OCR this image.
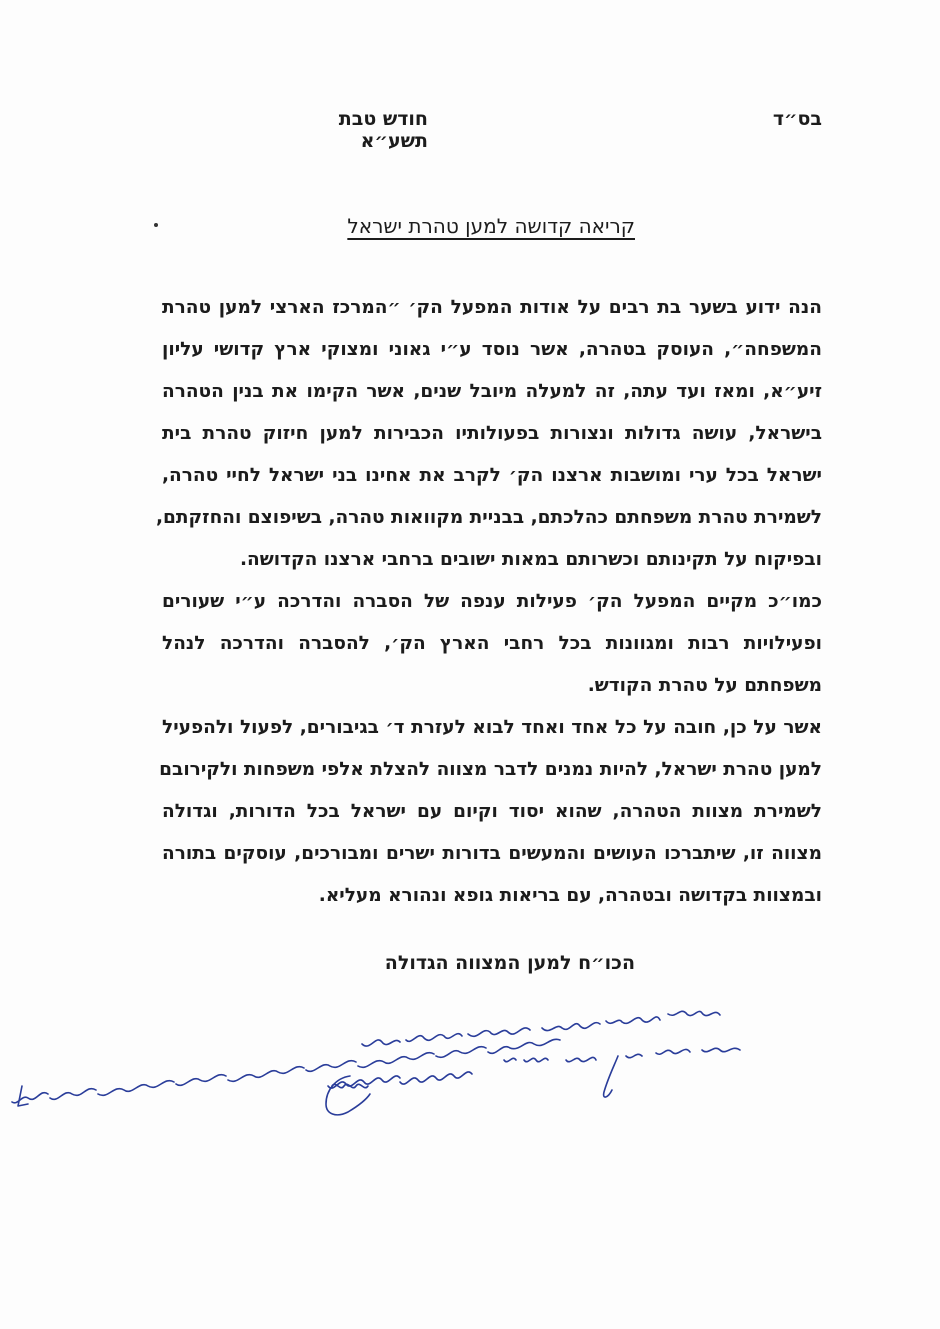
בס״ד
חודש טבת תשע״א
קריאה קדושה למען טהרת ישראל
הנה ידוע בשער בת רבים על אודות המפעל הק׳ ״המרכז הארצי למען טהרת
המשפחה״, העוסק בטהרה, אשר נוסד ע״י גאוני ומצוקי ארץ קדושי עליון
זיע״א, ומאז ועד עתה, זה למעלה מיובל שנים, אשר הקימו את בנין הטהרה
בישראל, עושה גדולות ונצורות בפעולותיו הכבירות למען חיזוק טהרת בית
ישראל בכל ערי ומושבות ארצנו הק׳ לקרב את אחינו בני ישראל לחיי טהרה,
לשמירת טהרת משפחתם כהלכתם, בבניית מקוואות טהרה, בשיפוצם והחזקתם,
ובפיקוח על תקינותם וכשרותם במאות ישובים ברחבי ארצנו הקדושה.
כמו״כ מקיים המפעל הק׳ פעילות ענפה של הסברה והדרכה ע״י שעורים
ופעילויות רבות ומגוונות בכל רחבי הארץ הק׳, להסברה והדרכה לנהל
משפחתם על טהרת הקודש.
אשר על כן, חובה על כל אחד ואחד לבוא לעזרת ד׳ בגיבורים, לפעול ולהפעיל
למען טהרת ישראל, להיות נמנים לדבר מצווה להצלת אלפי משפחות ולקירובם
לשמירת מצוות הטהרה, שהוא יסוד וקיום עם ישראל בכל הדורות, וגדולה
מצווה זו, שיתברכו העושים והמעשים בדורות ישרים ומבורכים, עוסקים בתורה
ובמצוות בקדושה ובטהרה, עם בריאות גופא ונהורא מעליא.
הכו״ח למען המצווה הגדולה
